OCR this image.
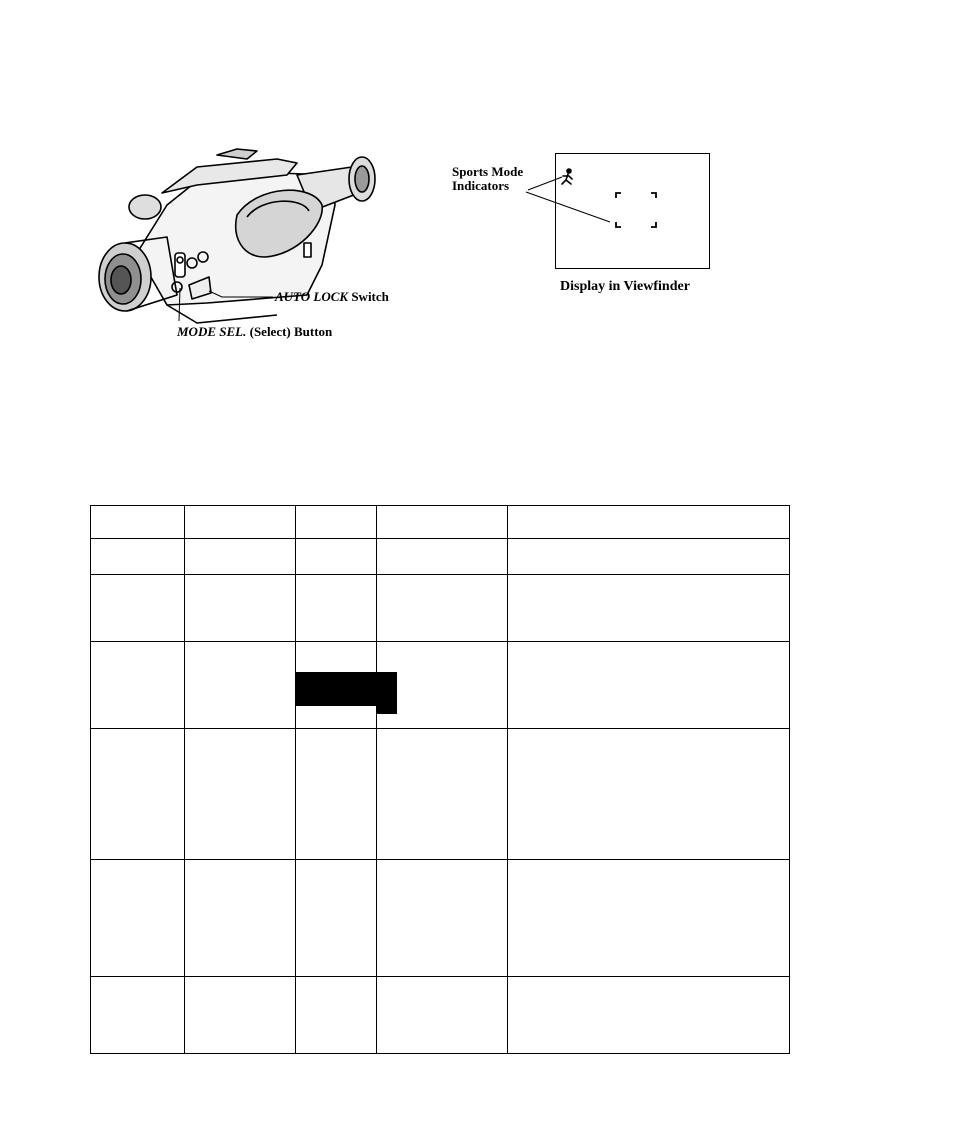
AUTO LOCK Switch
MODE SEL. (Select) Button
Sports Mode
Indicators
Display in Viewfinder
